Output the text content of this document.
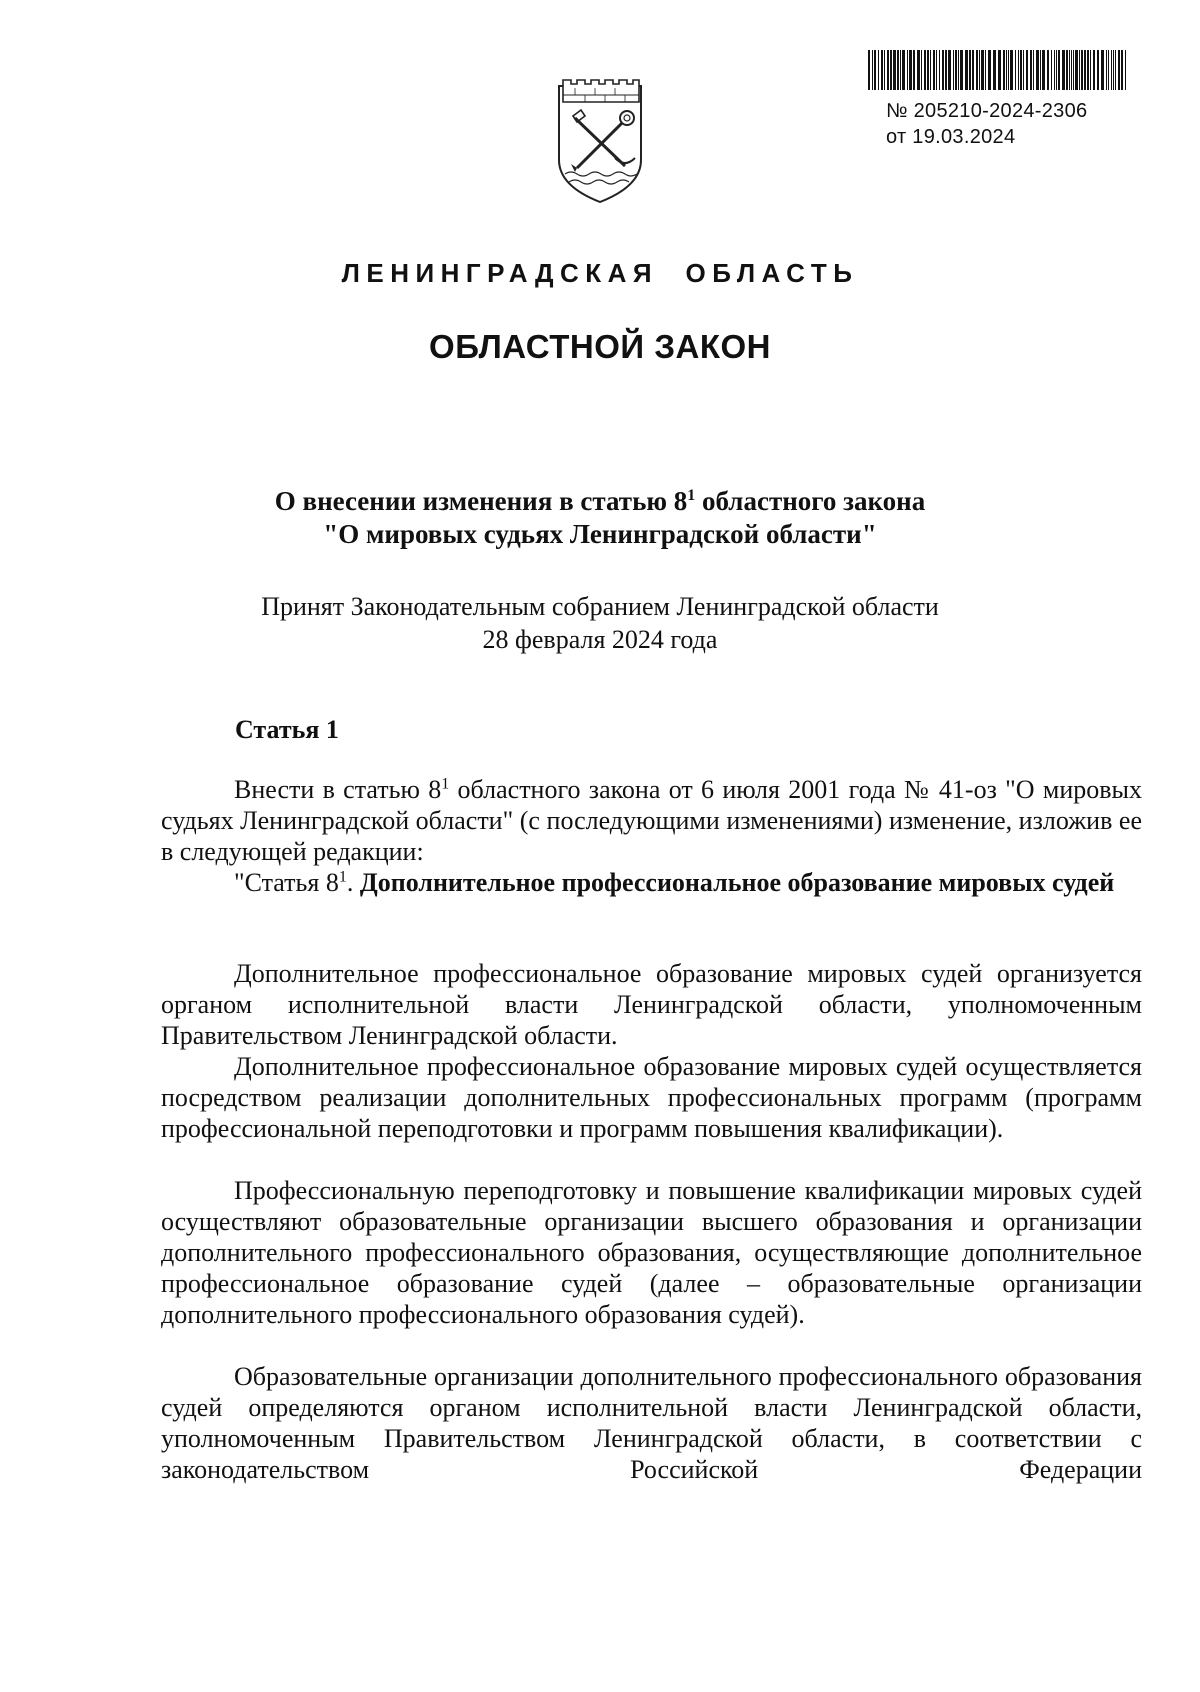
№ 205210-2024-2306
от 19.03.2024
ЛЕНИНГРАДСКАЯ  ОБЛАСТЬ
ОБЛАСТНОЙ ЗАКОН
О внесении изменения в статью $8^1$ областного закона
"О мировых судьях Ленинградской области"
Принят Законодательным собранием Ленинградской области
28 февраля 2024 года
Статья 1

Внести в статью $8^1$ областного закона от 6 июля 2001 года № 41-оз "О мировых судьях Ленинградской области" (с последующими изменениями) изменение, изложив ее в следующей редакции:

"Статья $8^1$. Дополнительное профессиональное образование мировых судей

Дополнительное профессиональное образование мировых судей организуется органом исполнительной власти Ленинградской области, уполномоченным Правительством Ленинградской области.

Дополнительное профессиональное образование мировых судей осуществляется посредством реализации дополнительных профессиональных программ (программ профессиональной переподготовки и программ повышения квалификации).

Профессиональную переподготовку и повышение квалификации мировых судей осуществляют образовательные организации высшего образования и организации дополнительного профессионального образования, осуществляющие дополнительное профессиональное образование судей (далее – образовательные организации дополнительного профессионального образования судей).

Образовательные организации дополнительного профессионального образования судей определяются органом исполнительной власти Ленинградской области, уполномоченным Правительством Ленинградской области, в соответствии с законодательством Российской Федерации
